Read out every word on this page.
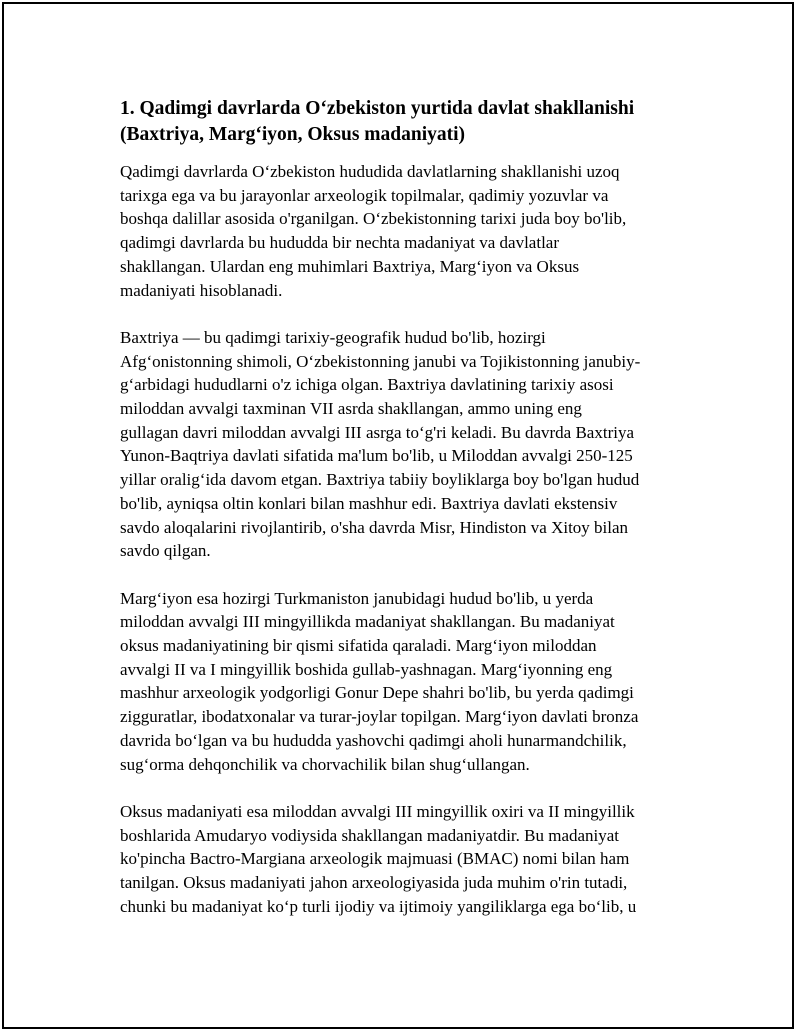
1. Qadimgi davrlarda O‘zbekiston yurtida davlat shakllanishi
(Baxtriya, Marg‘iyon, Oksus madaniyati)

Qadimgi davrlarda O‘zbekiston hududida davlatlarning shakllanishi uzoq
tarixga ega va bu jarayonlar arxeologik topilmalar, qadimiy yozuvlar va
boshqa dalillar asosida o'rganilgan. O‘zbekistonning tarixi juda boy bo'lib,
qadimgi davrlarda bu hududda bir nechta madaniyat va davlatlar
shakllangan. Ulardan eng muhimlari Baxtriya, Marg‘iyon va Oksus
madaniyati hisoblanadi.

Baxtriya — bu qadimgi tarixiy-geografik hudud bo'lib, hozirgi
Afg‘onistonning shimoli, O‘zbekistonning janubi va Tojikistonning janubiy-
g‘arbidagi hududlarni o'z ichiga olgan. Baxtriya davlatining tarixiy asosi
miloddan avvalgi taxminan VII asrda shakllangan, ammo uning eng
gullagan davri miloddan avvalgi III asrga to‘g'ri keladi. Bu davrda Baxtriya
Yunon-Baqtriya davlati sifatida ma'lum bo'lib, u Miloddan avvalgi 250-125
yillar oralig‘ida davom etgan. Baxtriya tabiiy boyliklarga boy bo'lgan hudud
bo'lib, ayniqsa oltin konlari bilan mashhur edi. Baxtriya davlati ekstensiv
savdo aloqalarini rivojlantirib, o'sha davrda Misr, Hindiston va Xitoy bilan
savdo qilgan.

Marg‘iyon esa hozirgi Turkmaniston janubidagi hudud bo'lib, u yerda
miloddan avvalgi III mingyillikda madaniyat shakllangan. Bu madaniyat
oksus madaniyatining bir qismi sifatida qaraladi. Marg‘iyon miloddan
avvalgi II va I mingyillik boshida gullab-yashnagan. Marg‘iyonning eng
mashhur arxeologik yodgorligi Gonur Depe shahri bo'lib, bu yerda qadimgi
zigguratlar, ibodatxonalar va turar-joylar topilgan. Marg‘iyon davlati bronza
davrida bo‘lgan va bu hududda yashovchi qadimgi aholi hunarmandchilik,
sug‘orma dehqonchilik va chorvachilik bilan shug‘ullangan.

Oksus madaniyati esa miloddan avvalgi III mingyillik oxiri va II mingyillik
boshlarida Amudaryo vodiysida shakllangan madaniyatdir. Bu madaniyat
ko'pincha Bactro-Margiana arxeologik majmuasi (BMAC) nomi bilan ham
tanilgan. Oksus madaniyati jahon arxeologiyasida juda muhim o'rin tutadi,
chunki bu madaniyat ko‘p turli ijodiy va ijtimoiy yangiliklarga ega bo‘lib, u
